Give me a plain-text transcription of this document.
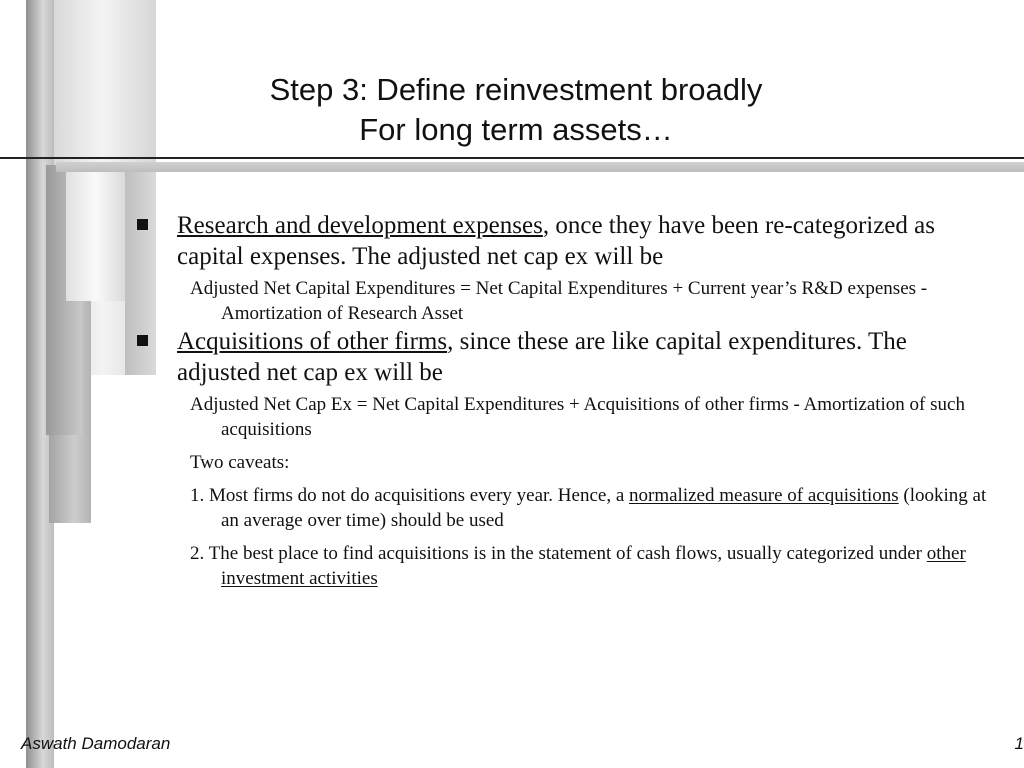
Step 3: Define reinvestment broadly
For long term assets…
Research and development expenses, once they have been re-categorized as capital expenses. The adjusted net cap ex will be
Adjusted Net Capital Expenditures = Net Capital Expenditures + Current year’s R&D expenses - Amortization of Research Asset
Acquisitions of other firms, since these are like capital expenditures. The adjusted net cap ex will be
Adjusted Net Cap Ex = Net Capital Expenditures + Acquisitions of other firms - Amortization of such acquisitions
Two caveats:
1. Most firms do not do acquisitions every year. Hence, a normalized measure of acquisitions (looking at an average over time) should be used
2. The best place to find acquisitions is in the statement of cash flows, usually categorized under other investment activities
Aswath Damodaran	1
